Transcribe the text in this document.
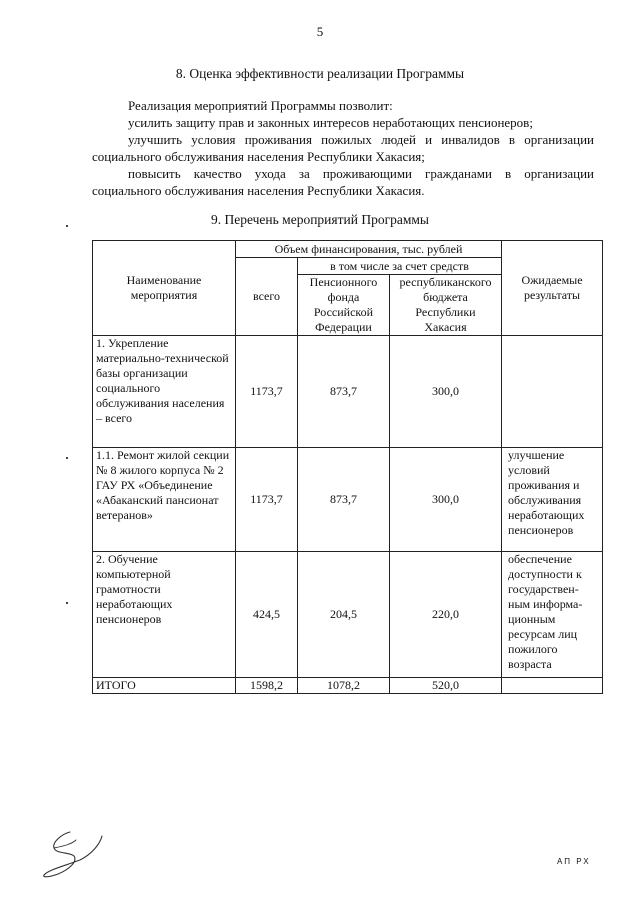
5
8. Оценка эффективности реализации Программы
Реализация мероприятий Программы позволит:
усилить защиту прав и законных интересов неработающих пенсионеров;
улучшить условия проживания пожилых людей и инвалидов в организации
социального обслуживания населения Республики Хакасия;
повысить качество ухода за проживающими гражданами в организации
социального обслуживания населения Республики Хакасия.
9. Перечень мероприятий Программы
Наименование мероприятия	Объем финансирования, тыс. рублей			Ожидаемые результаты
	всего	в том числе за счет средств		
		Пенсионного фонда Российской Федерации	республиканского бюджета Республики Хакасия	
1. Укрепление материально-технической базы организации социального обслуживания населения – всего	1173,7	873,7	300,0	
1.1. Ремонт жилой секции № 8 жилого корпуса № 2 ГАУ РХ «Объединение «Абаканский пансионат ветеранов»	1173,7	873,7	300,0	улучшение условий проживания и обслуживания неработающих пенсионеров
2. Обучение компьютерной грамотности неработающих пенсионеров	424,5	204,5	220,0	обеспечение доступности к государствен-ным информа-ционным ресурсам лиц пожилого возраста
ИТОГО	1598,2	1078,2	520,0	
АП РХ
